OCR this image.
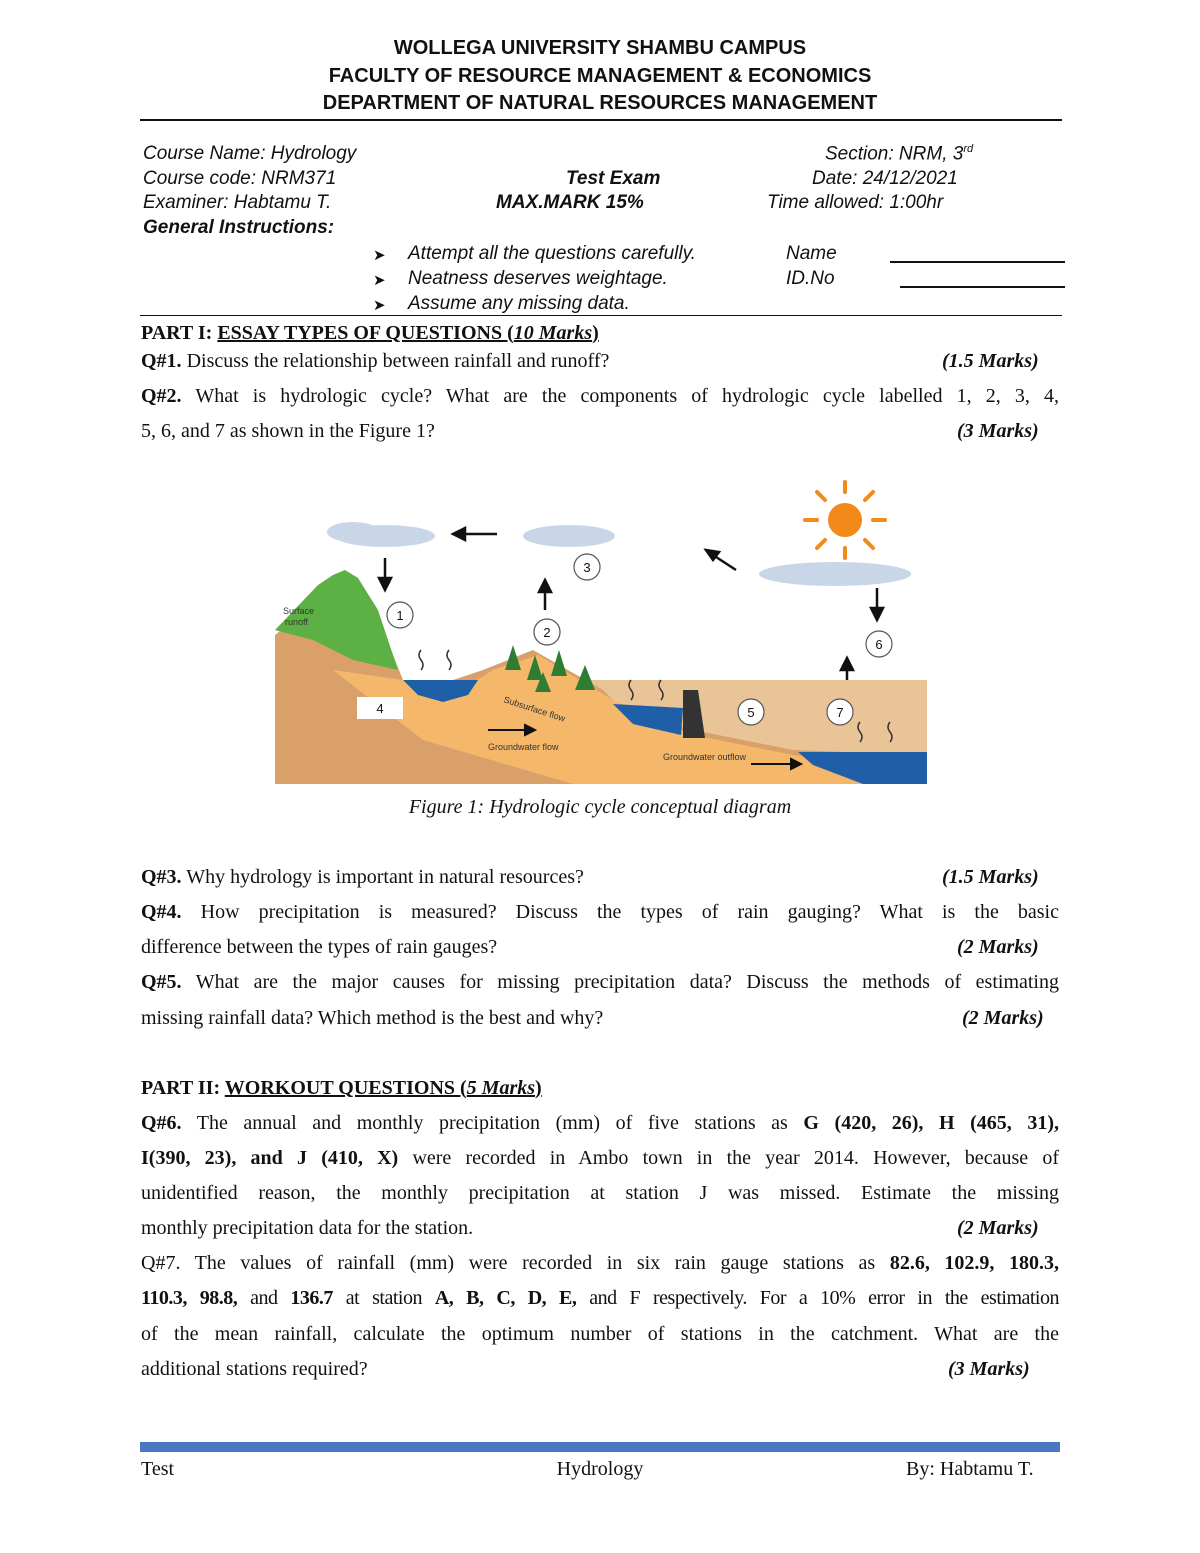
WOLLEGA UNIVERSITY SHAMBU CAMPUS
FACULTY OF RESOURCE MANAGEMENT & ECONOMICS
DEPARTMENT OF NATURAL RESOURCES MANAGEMENT
Course Name: Hydrology
Course code: NRM371
Examiner: Habtamu T.
General Instructions:
Test Exam
MAX.MARK 15%
Section: NRM, 3rd
Date: 24/12/2021
Time allowed: 1:00hr
➤ Attempt all the questions carefully.
➤ Neatness deserves weightage.
➤ Assume any missing data.
Name
ID.No
PART I: ESSAY TYPES OF QUESTIONS (10 Marks)
Q#1. Discuss the relationship between rainfall and runoff?	(1.5 Marks)
Q#2. What is hydrologic cycle? What are the components of hydrologic cycle labelled 1, 2, 3, 4,
5, 6, and 7 as shown in the Figure 1?	(3 Marks)
1
2
3
4	5
6
7
Surface
runoff
Subsurface flow
Groundwater flow
Groundwater outflow
Figure 1: Hydrologic cycle conceptual diagram
Q#3. Why hydrology is important in natural resources?	(1.5 Marks)
Q#4. How precipitation is measured? Discuss the types of rain gauging? What is the basic
difference between the types of rain gauges?	(2 Marks)
Q#5. What are the major causes for missing precipitation data? Discuss the methods of estimating
missing rainfall data? Which method is the best and why?	(2 Marks)
PART II: WORKOUT QUESTIONS (5 Marks)
Q#6. The annual and monthly precipitation (mm) of five stations as G (420, 26), H (465, 31),
I(390, 23), and J (410, X) were recorded in Ambo town in the year 2014. However, because of
unidentified reason, the monthly precipitation at station J was missed. Estimate the missing
monthly precipitation data for the station.	(2 Marks)
Q#7. The values of rainfall (mm) were recorded in six rain gauge stations as 82.6, 102.9, 180.3,
110.3, 98.8, and 136.7 at station A, B, C, D, E, and F respectively. For a 10% error in the estimation
of the mean rainfall, calculate the optimum number of stations in the catchment. What are the
additional stations required?	(3 Marks)
Test	Hydrology	By: Habtamu T.
